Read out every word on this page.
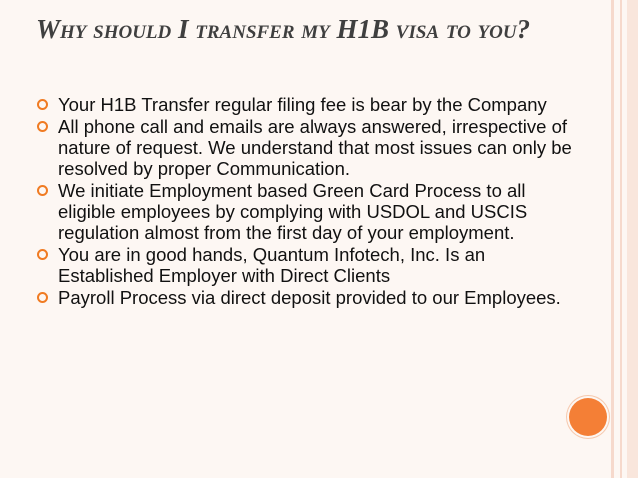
Why should I transfer my H1B visa to you?
Your H1B Transfer regular filing fee is bear by the Company
All phone call and emails are always answered, irrespective of nature of request. We understand that most issues can only be resolved by proper Communication.
We initiate Employment based Green Card Process to all eligible employees by complying with USDOL and USCIS regulation almost from the first day of your employment.
You are in good hands, Quantum Infotech, Inc. Is an Established Employer with Direct Clients
Payroll Process via direct deposit provided to our Employees.
